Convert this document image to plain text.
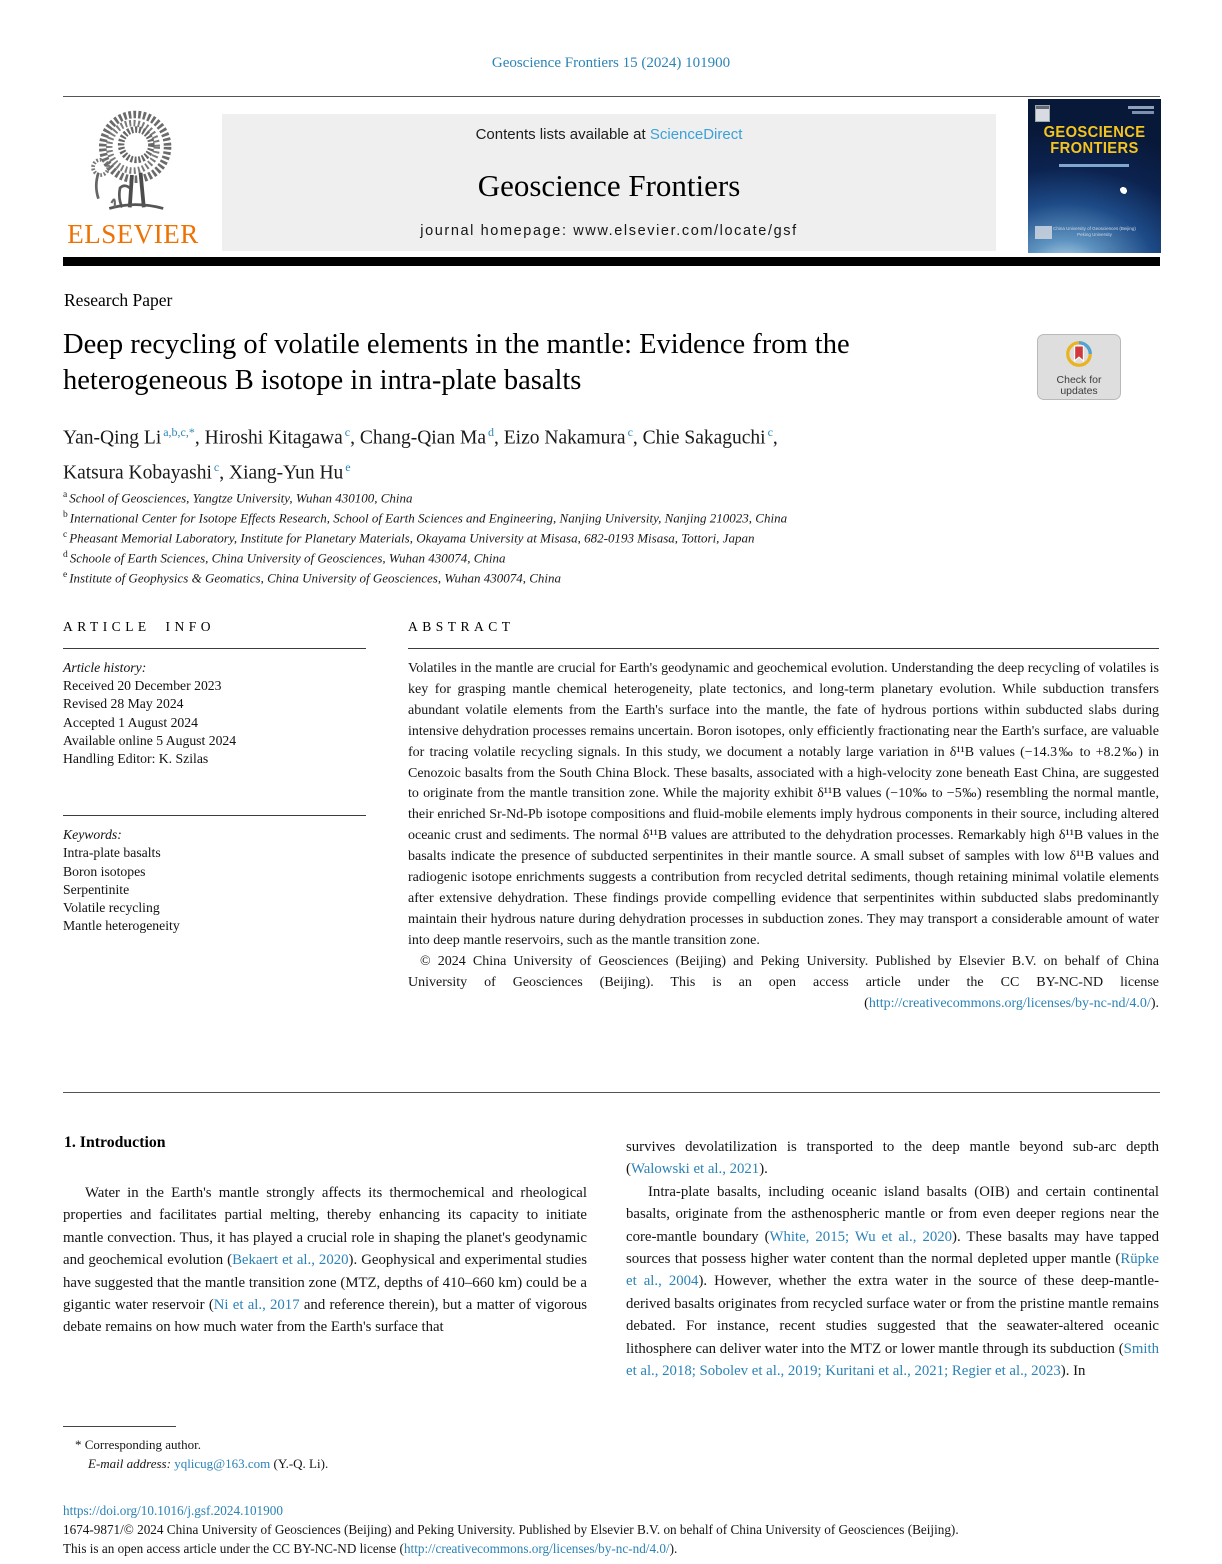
Geoscience Frontiers 15 (2024) 101900
ELSEVIER
Contents lists available at ScienceDirect
Geoscience Frontiers
journal homepage: www.elsevier.com/locate/gsf
GEOSCIENCE
FRONTIERS
China University of Geosciences (Beijing)
Peking University
Research Paper
Deep recycling of volatile elements in the mantle: Evidence from the heterogeneous B isotope in intra-plate basalts	Check for
updates
Yan-Qing Li $^{a,b,c,*}$, Hiroshi Kitagawa $^c$, Chang-Qian Ma $^d$, Eizo Nakamura $^c$, Chie Sakaguchi $^c$,
Katsura Kobayashi $^c$, Xiang-Yun Hu $^e$
$^a$ School of Geosciences, Yangtze University, Wuhan 430100, China
$^b$ International Center for Isotope Effects Research, School of Earth Sciences and Engineering, Nanjing University, Nanjing 210023, China
$^c$ Pheasant Memorial Laboratory, Institute for Planetary Materials, Okayama University at Misasa, 682-0193 Misasa, Tottori, Japan
$^d$ Schoole of Earth Sciences, China University of Geosciences, Wuhan 430074, China
$^e$ Institute of Geophysics & Geomatics, China University of Geosciences, Wuhan 430074, China
ARTICLE INFO
Article history:
Received 20 December 2023
Revised 28 May 2024
Accepted 1 August 2024
Available online 5 August 2024
Handling Editor: K. Szilas
Keywords:
Intra-plate basalts
Boron isotopes
Serpentinite
Volatile recycling
Mantle heterogeneity
ABSTRACT
Volatiles in the mantle are crucial for Earth's geodynamic and geochemical evolution. Understanding the deep recycling of volatiles is key for grasping mantle chemical heterogeneity, plate tectonics, and long-term planetary evolution. While subduction transfers abundant volatile elements from the Earth's surface into the mantle, the fate of hydrous portions within subducted slabs during intensive dehydration processes remains uncertain. Boron isotopes, only efficiently fractionating near the Earth's surface, are valuable for tracing volatile recycling signals. In this study, we document a notably large variation in δ¹¹B values (−14.3‰ to +8.2‰) in Cenozoic basalts from the South China Block. These basalts, associated with a high-velocity zone beneath East China, are suggested to originate from the mantle transition zone. While the majority exhibit δ¹¹B values (−10‰ to −5‰) resembling the normal mantle, their enriched Sr-Nd-Pb isotope compositions and fluid-mobile elements imply hydrous components in their source, including altered oceanic crust and sediments. The normal δ¹¹B values are attributed to the dehydration processes. Remarkably high δ¹¹B values in the basalts indicate the presence of subducted serpentinites in their mantle source. A small subset of samples with low δ¹¹B values and radiogenic isotope enrichments suggests a contribution from recycled detrital sediments, though retaining minimal volatile elements after extensive dehydration. These findings provide compelling evidence that serpentinites within subducted slabs predominantly maintain their hydrous nature during dehydration processes in subduction zones. They may transport a considerable amount of water into deep mantle reservoirs, such as the mantle transition zone.
© 2024 China University of Geosciences (Beijing) and Peking University. Published by Elsevier B.V. on behalf of China University of Geosciences (Beijing). This is an open access article under the CC BY-NC-ND license (http://creativecommons.org/licenses/by-nc-nd/4.0/).
1. Introduction

Water in the Earth's mantle strongly affects its thermochemical and rheological properties and facilitates partial melting, thereby enhancing its capacity to initiate mantle convection. Thus, it has played a crucial role in shaping the planet's geodynamic and geochemical evolution (Bekaert et al., 2020). Geophysical and experimental studies have suggested that the mantle transition zone (MTZ, depths of 410–660 km) could be a gigantic water reservoir (Ni et al., 2017 and reference therein), but a matter of vigorous debate remains on how much water from the Earth's surface that

survives devolatilization is transported to the deep mantle beyond sub-arc depth (Walowski et al., 2021).

Intra-plate basalts, including oceanic island basalts (OIB) and certain continental basalts, originate from the asthenospheric mantle or from even deeper regions near the core-mantle boundary (White, 2015; Wu et al., 2020). These basalts may have tapped sources that possess higher water content than the normal depleted upper mantle (Rüpke et al., 2004). However, whether the extra water in the source of these deep-mantle-derived basalts originates from recycled surface water or from the pristine mantle remains debated. For instance, recent studies suggested that the seawater-altered oceanic lithosphere can deliver water into the MTZ or lower mantle through its subduction (Smith et al., 2018; Sobolev et al., 2019; Kuritani et al., 2021; Regier et al., 2023). In

* Corresponding author.
E-mail address: yqlicug@163.com (Y.-Q. Li).
https://doi.org/10.1016/j.gsf.2024.101900
1674-9871/© 2024 China University of Geosciences (Beijing) and Peking University. Published by Elsevier B.V. on behalf of China University of Geosciences (Beijing).
This is an open access article under the CC BY-NC-ND license (http://creativecommons.org/licenses/by-nc-nd/4.0/).
